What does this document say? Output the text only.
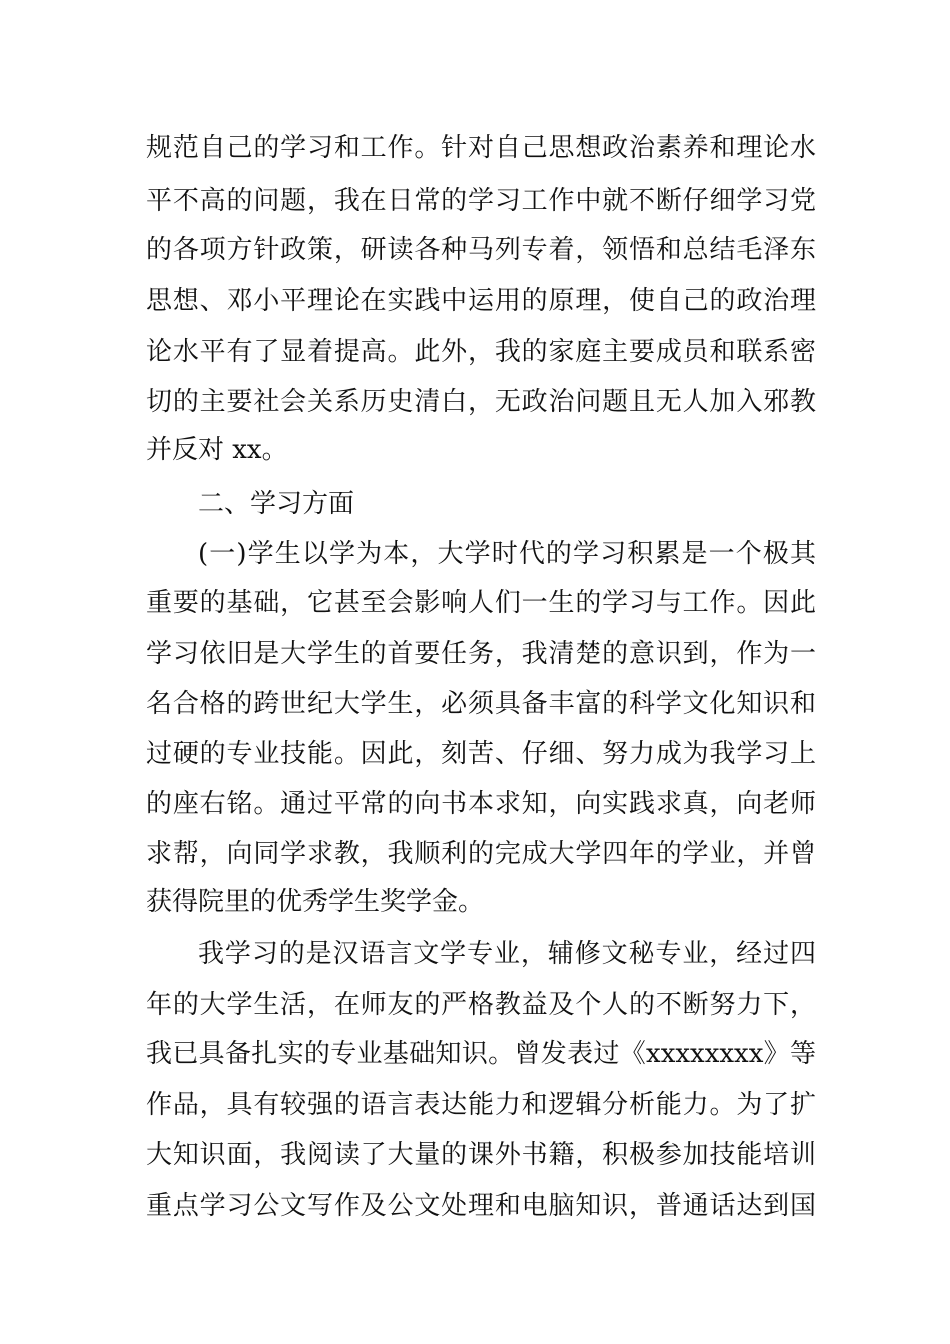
规范自己的学习和工作。针对自己思想政治素养和理论水
平不高的问题，我在日常的学习工作中就不断仔细学习党
的各项方针政策，研读各种马列专着，领悟和总结毛泽东
思想、邓小平理论在实践中运用的原理，使自己的政治理
论水平有了显着提高。此外，我的家庭主要成员和联系密
切的主要社会关系历史清白，无政治问题且无人加入邪教
并反对 xx。
二、学习方面
(一)学生以学为本，大学时代的学习积累是一个极其
重要的基础，它甚至会影响人们一生的学习与工作。因此
学习依旧是大学生的首要任务，我清楚的意识到，作为一
名合格的跨世纪大学生，必须具备丰富的科学文化知识和
过硬的专业技能。因此，刻苦、仔细、努力成为我学习上
的座右铭。通过平常的向书本求知，向实践求真，向老师
求帮，向同学求教，我顺利的完成大学四年的学业，并曾
获得院里的优秀学生奖学金。
我学习的是汉语言文学专业，辅修文秘专业，经过四
年的大学生活，在师友的严格教益及个人的不断努力下，
我已具备扎实的专业基础知识。曾发表过《xxxxxxxx》等
作品，具有较强的语言表达能力和逻辑分析能力。为了扩
大知识面，我阅读了大量的课外书籍，积极参加技能培训
重点学习公文写作及公文处理和电脑知识，普通话达到国
